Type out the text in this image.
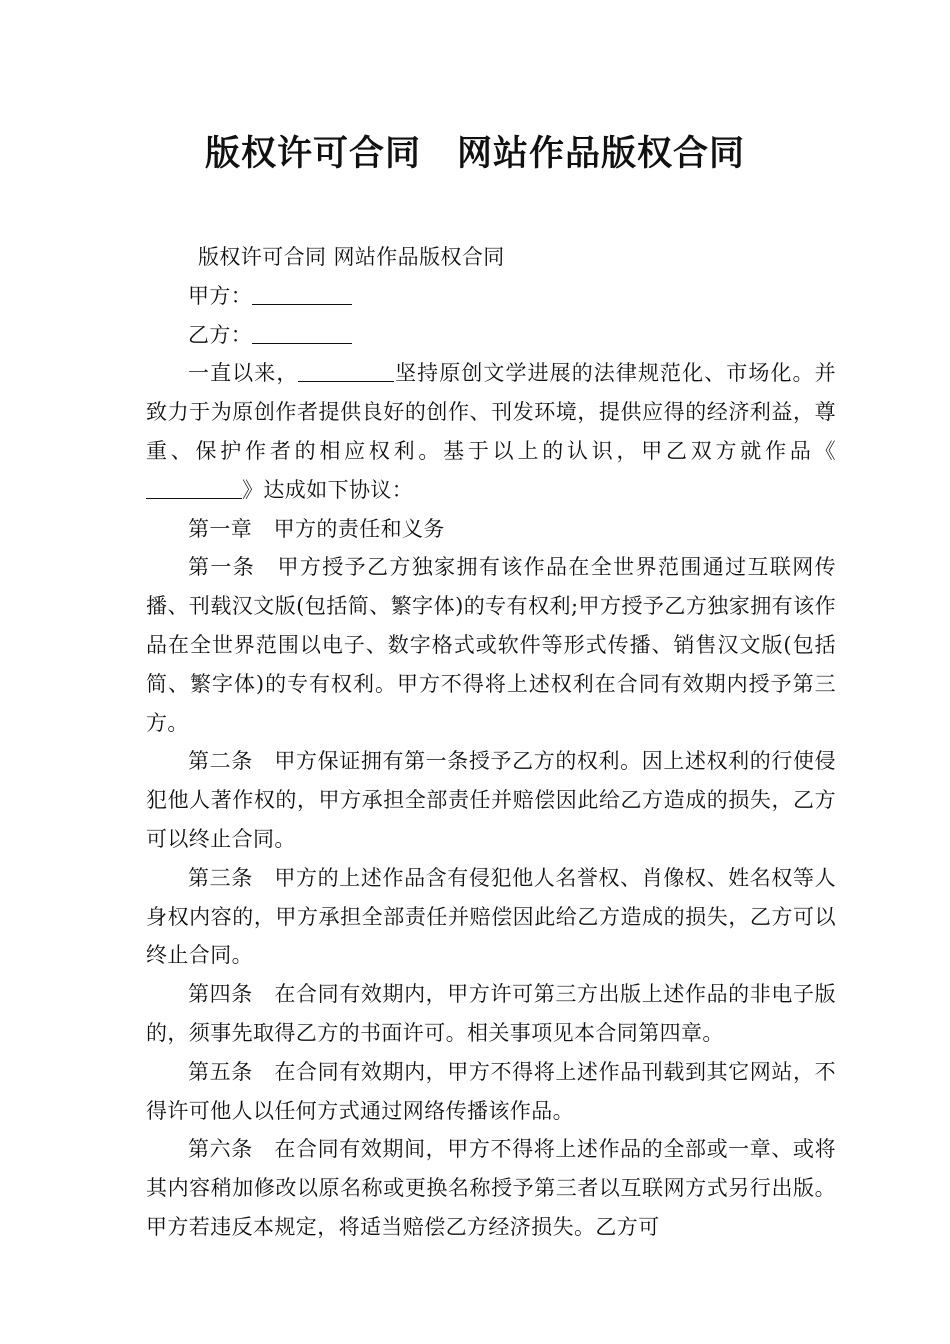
版权许可合同　网站作品版权合同

版权许可合同 网站作品版权合同

甲方：

乙方：

一直以来，	坚持原创文学进展的法律规范化、市场化。并致力于为原创作者提供良好的创作、刊发环境，提供应得的经济利益，尊重、保护作者的相应权利。基于以上的认识，甲乙双方就作品《》达成如下协议：

第一章　甲方的责任和义务

第一条　甲方授予乙方独家拥有该作品在全世界范围通过互联网传播、刊载汉文版(包括简、繁字体)的专有权利;甲方授予乙方独家拥有该作品在全世界范围以电子、数字格式或软件等形式传播、销售汉文版(包括简、繁字体)的专有权利。甲方不得将上述权利在合同有效期内授予第三方。

第二条　甲方保证拥有第一条授予乙方的权利。因上述权利的行使侵犯他人著作权的，甲方承担全部责任并赔偿因此给乙方造成的损失，乙方可以终止合同。

第三条　甲方的上述作品含有侵犯他人名誉权、肖像权、姓名权等人身权内容的，甲方承担全部责任并赔偿因此给乙方造成的损失，乙方可以终止合同。

第四条　在合同有效期内，甲方许可第三方出版上述作品的非电子版的，须事先取得乙方的书面许可。相关事项见本合同第四章。

第五条　在合同有效期内，甲方不得将上述作品刊载到其它网站，不得许可他人以任何方式通过网络传播该作品。

第六条　在合同有效期间，甲方不得将上述作品的全部或一章、或将其内容稍加修改以原名称或更换名称授予第三者以互联网方式另行出版。甲方若违反本规定，将适当赔偿乙方经济损失。乙方可
